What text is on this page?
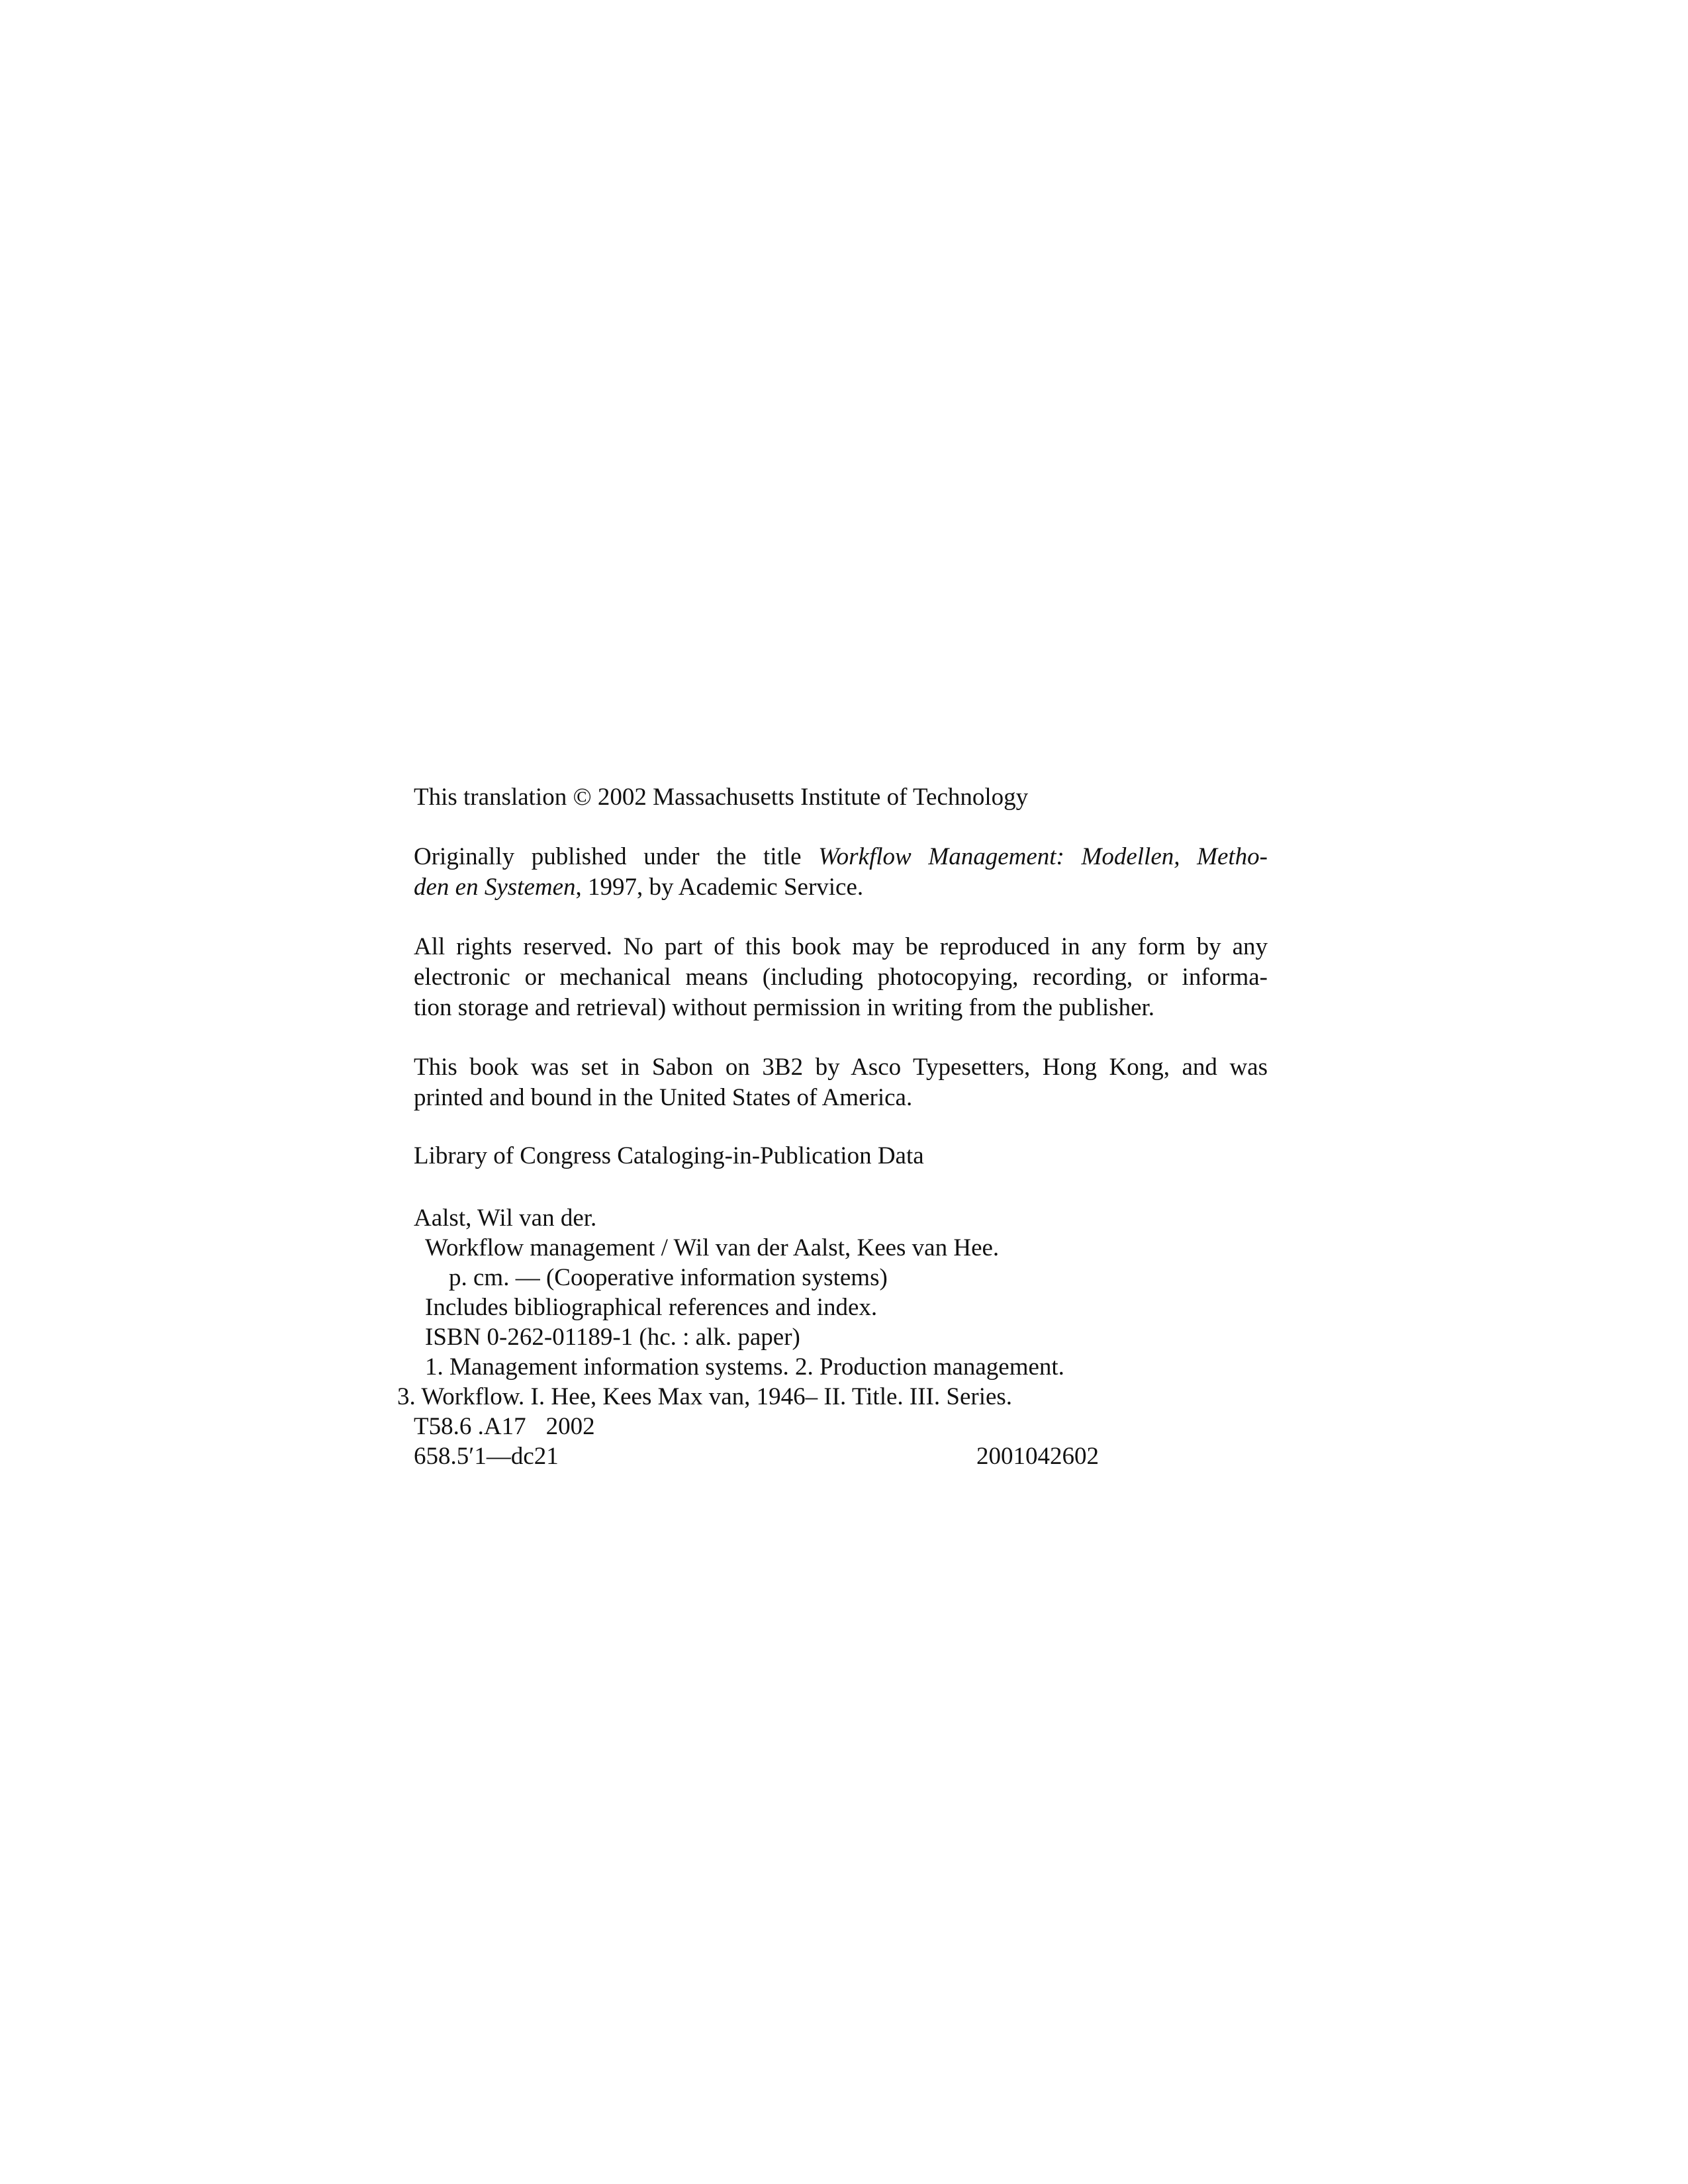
This translation © 2002 Massachusetts Institute of Technology

Originally published under the title Workflow Management: Modellen, Metho-
den en Systemen, 1997, by Academic Service.

All rights reserved. No part of this book may be reproduced in any form by any
electronic or mechanical means (including photocopying, recording, or informa-
tion storage and retrieval) without permission in writing from the publisher.

This book was set in Sabon on 3B2 by Asco Typesetters, Hong Kong, and was
printed and bound in the United States of America.

Library of Congress Cataloging-in-Publication Data

Aalst, Wil van der.
Workflow management / Wil van der Aalst, Kees van Hee.
p. cm. — (Cooperative information systems)
Includes bibliographical references and index.
ISBN 0-262-01189-1 (hc. : alk. paper)
1. Management information systems. 2. Production management.
3. Workflow. I. Hee, Kees Max van, 1946– II. Title. III. Series.
T58.6 .A17 2002
658.5′1—dc21	2001042602
